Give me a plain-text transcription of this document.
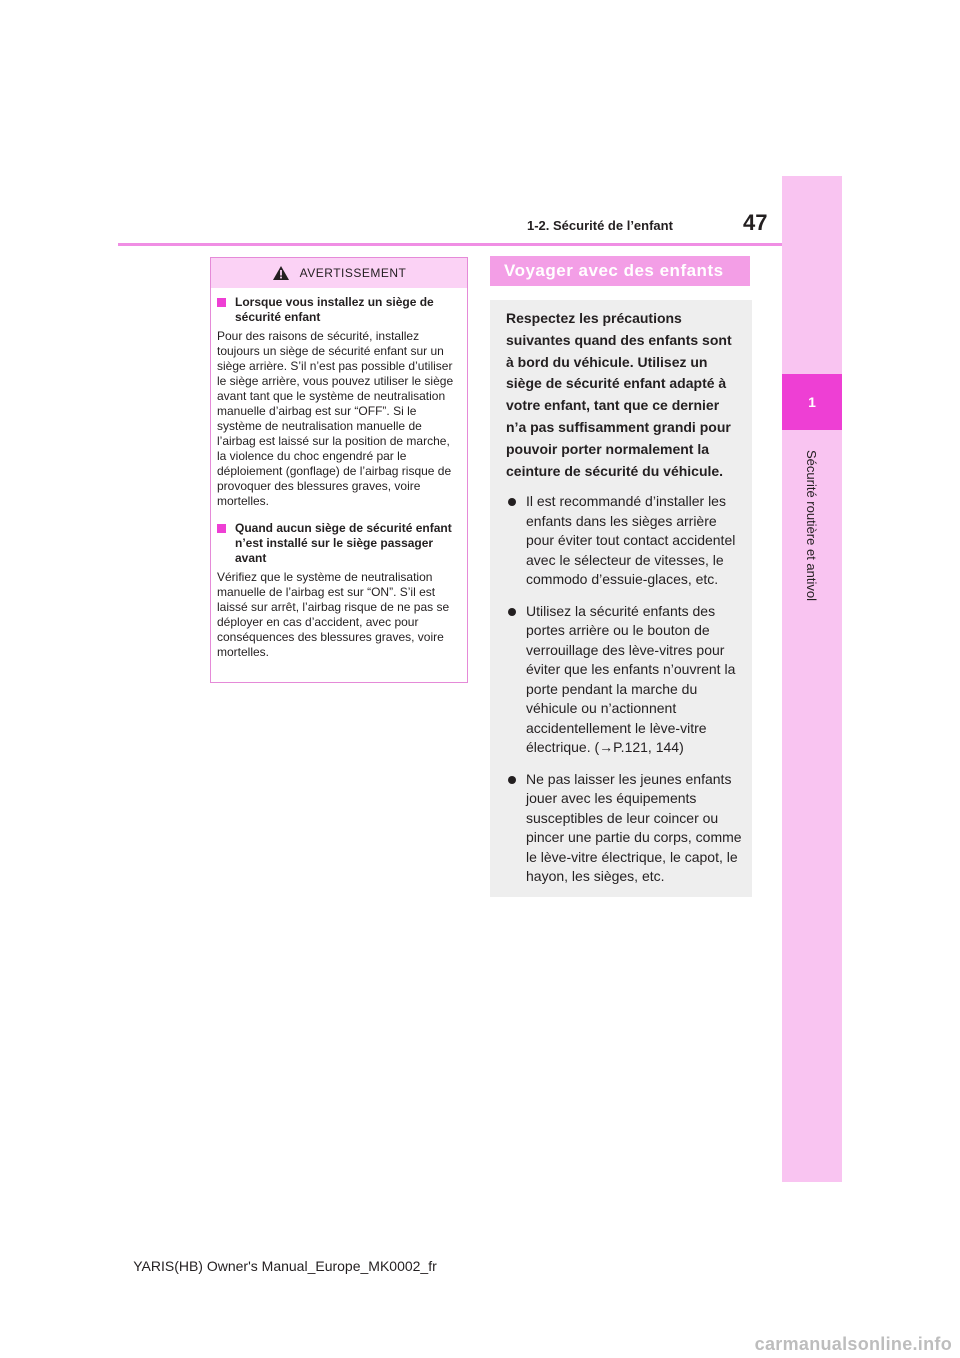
1
Sécurité routière et antivol
1-2. Sécurité de l’enfant	47
AVERTISSEMENT
Lorsque vous installez un siège de sécurité enfant

Pour des raisons de sécurité, installez toujours un siège de sécurité enfant sur un siège arrière. S’il n’est pas possible d’utiliser le siège arrière, vous pouvez utiliser le siège avant tant que le système de neutralisation manuelle d’airbag est sur “OFF”. Si le système de neutralisation manuelle de l’airbag est laissé sur la position de marche, la violence du choc engendré par le déploiement (gonflage) de l’airbag risque de provoquer des blessures graves, voire mortelles.

Quand aucun siège de sécurité enfant n’est installé sur le siège passager avant

Vérifiez que le système de neutralisation manuelle de l’airbag est sur “ON”. S’il est laissé sur arrêt, l’airbag risque de ne pas se déployer en cas d’accident, avec pour conséquences des blessures graves, voire mortelles.

Voyager avec des enfants

Respectez les précautions suivantes quand des enfants sont à bord du véhicule. Utilisez un siège de sécurité enfant adapté à votre enfant, tant que ce dernier n’a pas suffisamment grandi pour pouvoir porter normalement la ceinture de sécurité du véhicule.

Il est recommandé d’installer les enfants dans les sièges arrière pour éviter tout contact accidentel avec le sélecteur de vitesses, le commodo d’essuie-glaces, etc.
Utilisez la sécurité enfants des portes arrière ou le bouton de verrouillage des lève-vitres pour éviter que les enfants n’ouvrent la porte pendant la marche du véhicule ou n’actionnent accidentellement le lève-vitre électrique. (→P.121, 144)
Ne pas laisser les jeunes enfants jouer avec les équipements susceptibles de leur coincer ou pincer une partie du corps, comme le lève-vitre électrique, le capot, le hayon, les sièges, etc.
YARIS(HB) Owner's Manual_Europe_MK0002_fr
carmanualsonline.info
